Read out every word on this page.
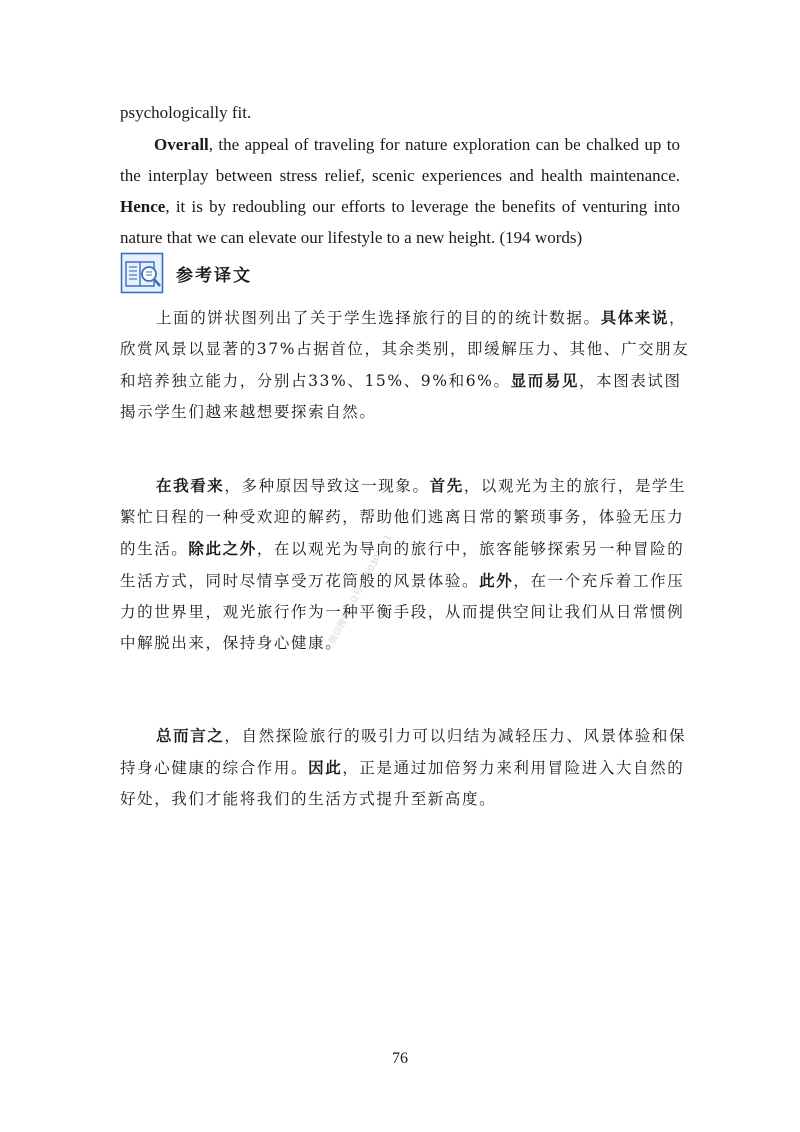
psychologically fit.

Overall, the appeal of traveling for nature exploration can be chalked up to the interplay between stress relief, scenic experiences and health maintenance. Hence, it is by redoubling our efforts to leverage the benefits of venturing into nature that we can elevate our lifestyle to a new height. (194 words)

参考译文

上面的饼状图列出了关于学生选择旅行的目的的统计数据。具体来说，欣赏风景以显著的37%占据首位，其余类别，即缓解压力、其他、广交朋友和培养独立能力，分别占33%、15%、9%和6%。显而易见，本图表试图揭示学生们越来越想要探索自然。

在我看来，多种原因导致这一现象。首先，以观光为主的旅行，是学生繁忙日程的一种受欢迎的解药，帮助他们逃离日常的繁琐事务，体验无压力的生活。除此之外，在以观光为导向的旅行中，旅客能够探索另一种冒险的生活方式，同时尽情享受万花筒般的风景体验。此外，在一个充斥着工作压力的世界里，观光旅行作为一种平衡手段，从而提供空间让我们从日常惯例中解脱出来，保持身心健康。

总而言之，自然探险旅行的吸引力可以归结为减轻压力、风景体验和保持身心健康的综合作用。因此，正是通过加倍努力来利用冒险进入大自然的好处，我们才能将我们的生活方式提升至新高度。

微信搜索公众号：kk0301211
76
